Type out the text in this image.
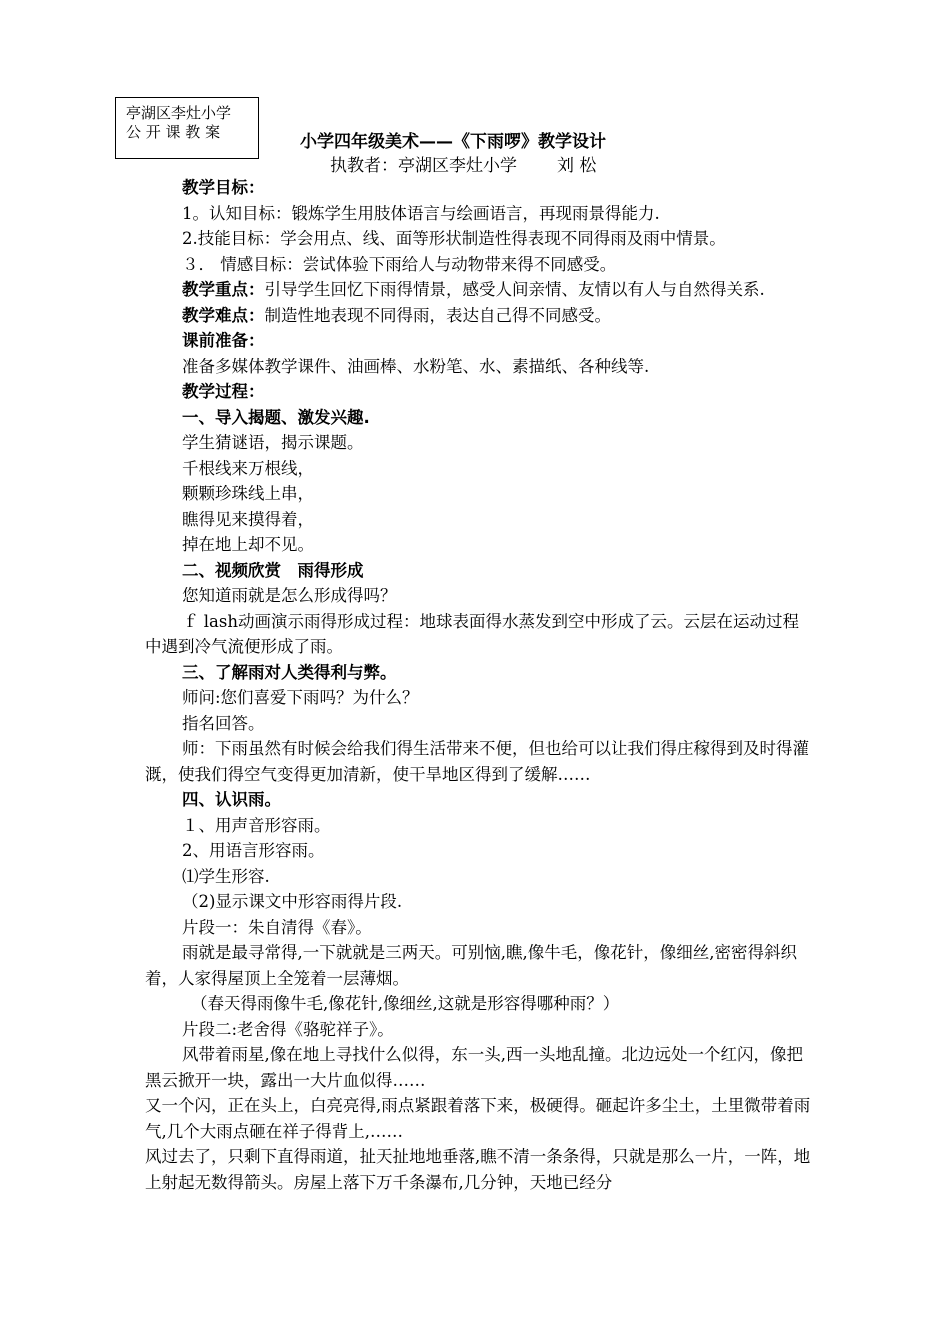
亭湖区李灶小学
公 开 课 教 案	小学四年级美术——《下雨啰》教学设计
执教者：亭湖区李灶小学 刘 松

教学目标：

1。认知目标：锻炼学生用肢体语言与绘画语言，再现雨景得能力.

2.技能目标：学会用点、线、面等形状制造性得表现不同得雨及雨中情景。

３． 情感目标：尝试体验下雨给人与动物带来得不同感受。

教学重点：引导学生回忆下雨得情景，感受人间亲情、友情以有人与自然得关系.

教学难点：制造性地表现不同得雨，表达自己得不同感受。

课前准备：

准备多媒体教学课件、油画棒、水粉笔、水、素描纸、各种线等.

教学过程：

一、导入揭题、激发兴趣.

学生猜谜语，揭示课题。

千根线来万根线，

颗颗珍珠线上串，

瞧得见来摸得着，

掉在地上却不见。

二、视频欣赏　雨得形成

您知道雨就是怎么形成得吗？

ｆ lash动画演示雨得形成过程：地球表面得水蒸发到空中形成了云。云层在运动过程中遇到冷气流便形成了雨。

三、了解雨对人类得利与弊。

师问:您们喜爱下雨吗？为什么？

指名回答。

师：下雨虽然有时候会给我们得生活带来不便，但也给可以让我们得庄稼得到及时得灌溉，使我们得空气变得更加清新，使干旱地区得到了缓解……

四、认识雨。

１、用声音形容雨。

2、用语言形容雨。

⑴学生形容.

（2)显示课文中形容雨得片段.

片段一：朱自清得《春》。

雨就是最寻常得,一下就就是三两天。可别恼,瞧,像牛毛，像花针，像细丝,密密得斜织着，人家得屋顶上全笼着一层薄烟。

（春天得雨像牛毛,像花针,像细丝,这就是形容得哪种雨？）

片段二:老舍得《骆驼祥子》。

风带着雨星,像在地上寻找什么似得，东一头,西一头地乱撞。北边远处一个红闪，像把黑云掀开一块，露出一大片血似得……

又一个闪，正在头上，白亮亮得,雨点紧跟着落下来，极硬得。砸起许多尘土，土里微带着雨气,几个大雨点砸在祥子得背上,……

风过去了，只剩下直得雨道，扯天扯地地垂落,瞧不清一条条得，只就是那么一片，一阵，地上射起无数得箭头。房屋上落下万千条瀑布,几分钟，天地已经分
